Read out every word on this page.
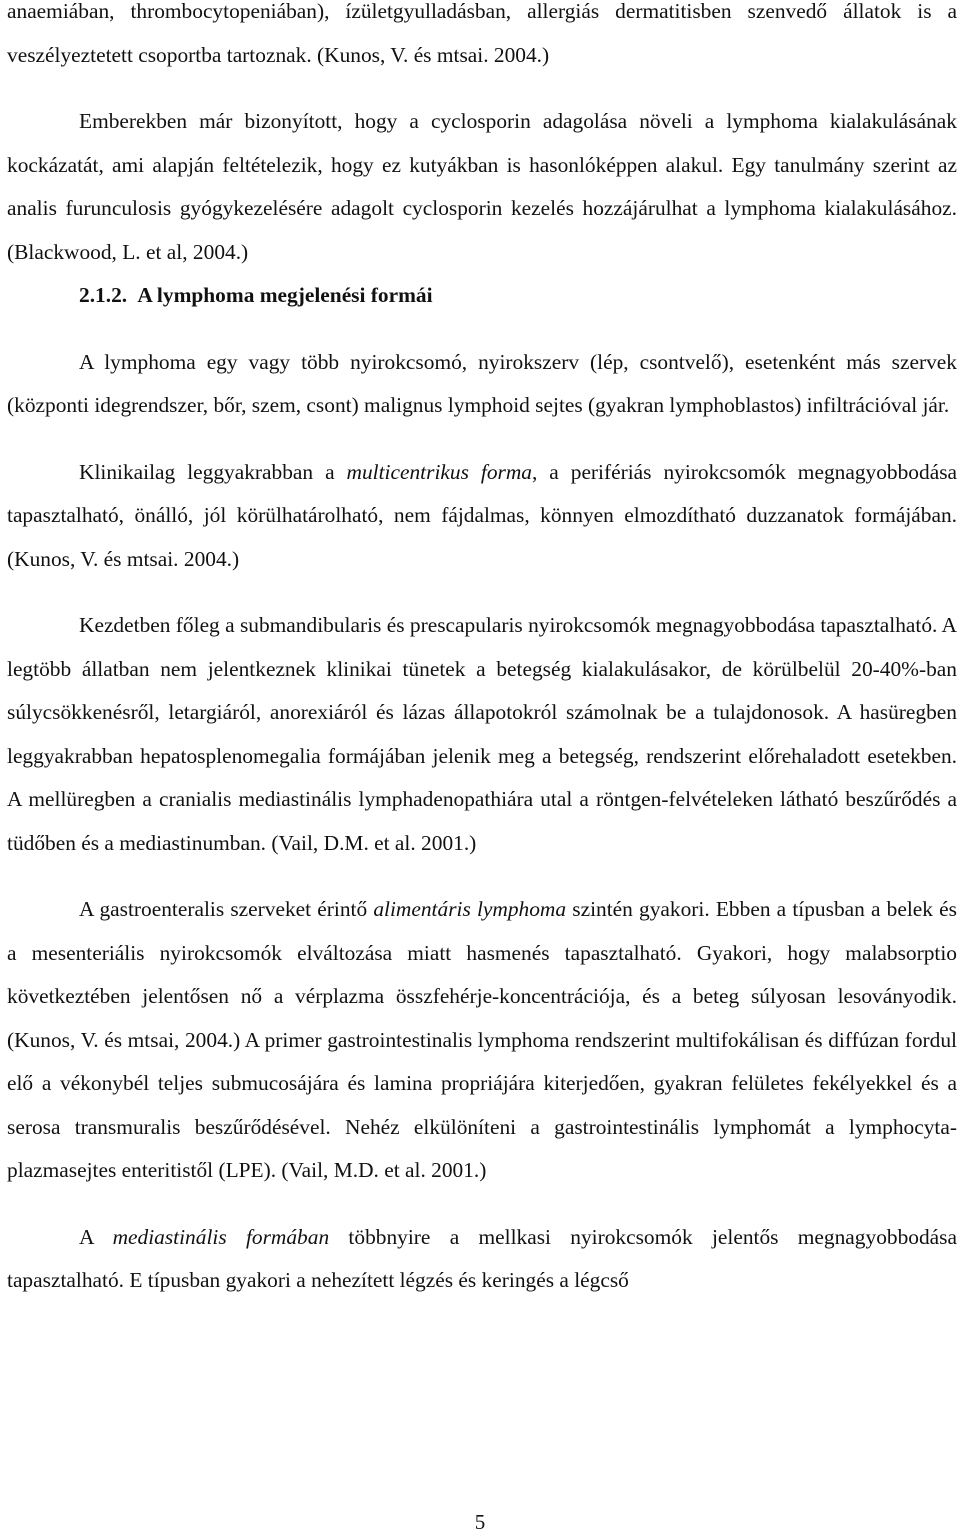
anaemiában, thrombocytopeniában), ízületgyulladásban, allergiás dermatitisben szenvedő állatok is a veszélyeztetett csoportba tartoznak. (Kunos, V. és mtsai. 2004.)

Emberekben már bizonyított, hogy a cyclosporin adagolása növeli a lymphoma kialakulásának kockázatát, ami alapján feltételezik, hogy ez kutyákban is hasonlóképpen alakul. Egy tanulmány szerint az analis furunculosis gyógykezelésére adagolt cyclosporin kezelés hozzájárulhat a lymphoma kialakulásához. (Blackwood, L. et al, 2004.)

2.1.2. A lymphoma megjelenési formái

A lymphoma egy vagy több nyirokcsomó, nyirokszerv (lép, csontvelő), esetenként más szervek (központi idegrendszer, bőr, szem, csont) malignus lymphoid sejtes (gyakran lymphoblastos) infiltrációval jár.

Klinikailag leggyakrabban a multicentrikus forma, a perifériás nyirokcsomók megnagyobbodása tapasztalható, önálló, jól körülhatárolható, nem fájdalmas, könnyen elmozdítható duzzanatok formájában. (Kunos, V. és mtsai. 2004.)

Kezdetben főleg a submandibularis és prescapularis nyirokcsomók megnagyobbodása tapasztalható. A legtöbb állatban nem jelentkeznek klinikai tünetek a betegség kialakulásakor, de körülbelül 20-40%-ban súlycsökkenésről, letargiáról, anorexiáról és lázas állapotokról számolnak be a tulajdonosok. A hasüregben leggyakrabban hepatosplenomegalia formájában jelenik meg a betegség, rendszerint előrehaladott esetekben. A mellüregben a cranialis mediastinális lymphadenopathiára utal a röntgen-felvételeken látható beszűrődés a tüdőben és a mediastinumban. (Vail, D.M. et al. 2001.)

A gastroenteralis szerveket érintő alimentáris lymphoma szintén gyakori. Ebben a típusban a belek és a mesenteriális nyirokcsomók elváltozása miatt hasmenés tapasztalható. Gyakori, hogy malabsorptio következtében jelentősen nő a vérplazma összfehérje-koncentrációja, és a beteg súlyosan lesoványodik. (Kunos, V. és mtsai, 2004.) A primer gastrointestinalis lymphoma rendszerint multifokálisan és diffúzan fordul elő a vékonybél teljes submucosájára és lamina propriájára kiterjedően, gyakran felületes fekélyekkel és a serosa transmuralis beszűrődésével. Nehéz elkülöníteni a gastrointestinális lymphomát a lymphocyta-plazmasejtes enteritistől (LPE). (Vail, M.D. et al. 2001.)

A mediastinális formában többnyire a mellkasi nyirokcsomók jelentős megnagyobbodása tapasztalható. E típusban gyakori a nehezített légzés és keringés a légcső

5
